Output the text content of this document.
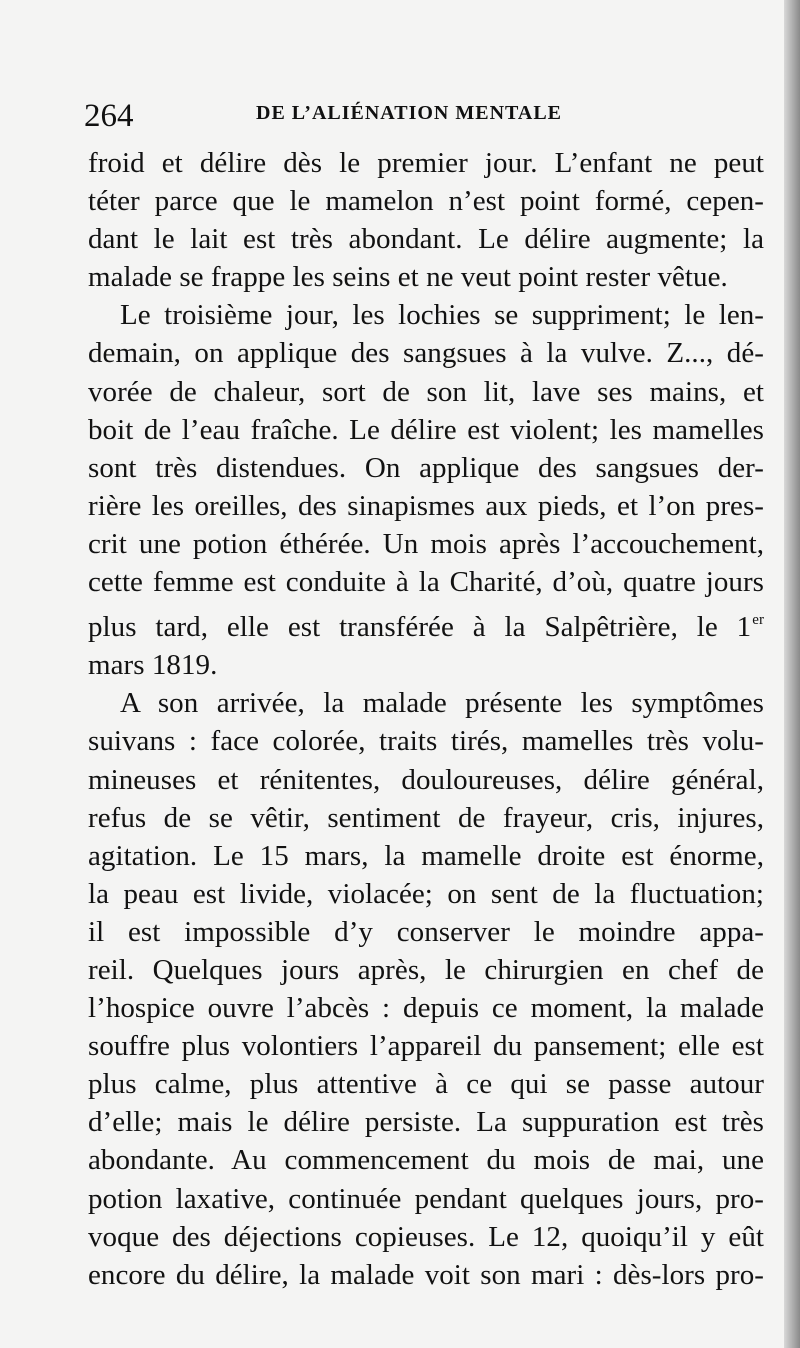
264	DE L’ALIÉNATION MENTALE
froid et délire dès le premier jour. L’enfant ne peut
téter parce que le mamelon n’est point formé, cepen-
dant le lait est très abondant. Le délire augmente; la
malade se frappe les seins et ne veut point rester vêtue.
Le troisième jour, les lochies se suppriment; le len-
demain, on applique des sangsues à la vulve. Z..., dé-
vorée de chaleur, sort de son lit, lave ses mains, et
boit de l’eau fraîche. Le délire est violent; les mamelles
sont très distendues. On applique des sangsues der-
rière les oreilles, des sinapismes aux pieds, et l’on pres-
crit une potion éthérée. Un mois après l’accouchement,
cette femme est conduite à la Charité, d’où, quatre jours
plus tard, elle est transférée à la Salpêtrière, le 1er
mars 1819.
A son arrivée, la malade présente les symptômes
suivans : face colorée, traits tirés, mamelles très volu-
mineuses et rénitentes, douloureuses, délire général,
refus de se vêtir, sentiment de frayeur, cris, injures,
agitation. Le 15 mars, la mamelle droite est énorme,
la peau est livide, violacée; on sent de la fluctuation;
il est impossible d’y conserver le moindre appa-
reil. Quelques jours après, le chirurgien en chef de
l’hospice ouvre l’abcès : depuis ce moment, la malade
souffre plus volontiers l’appareil du pansement; elle est
plus calme, plus attentive à ce qui se passe autour
d’elle; mais le délire persiste. La suppuration est très
abondante. Au commencement du mois de mai, une
potion laxative, continuée pendant quelques jours, pro-
voque des déjections copieuses. Le 12, quoiqu’il y eût
encore du délire, la malade voit son mari : dès-lors pro-
